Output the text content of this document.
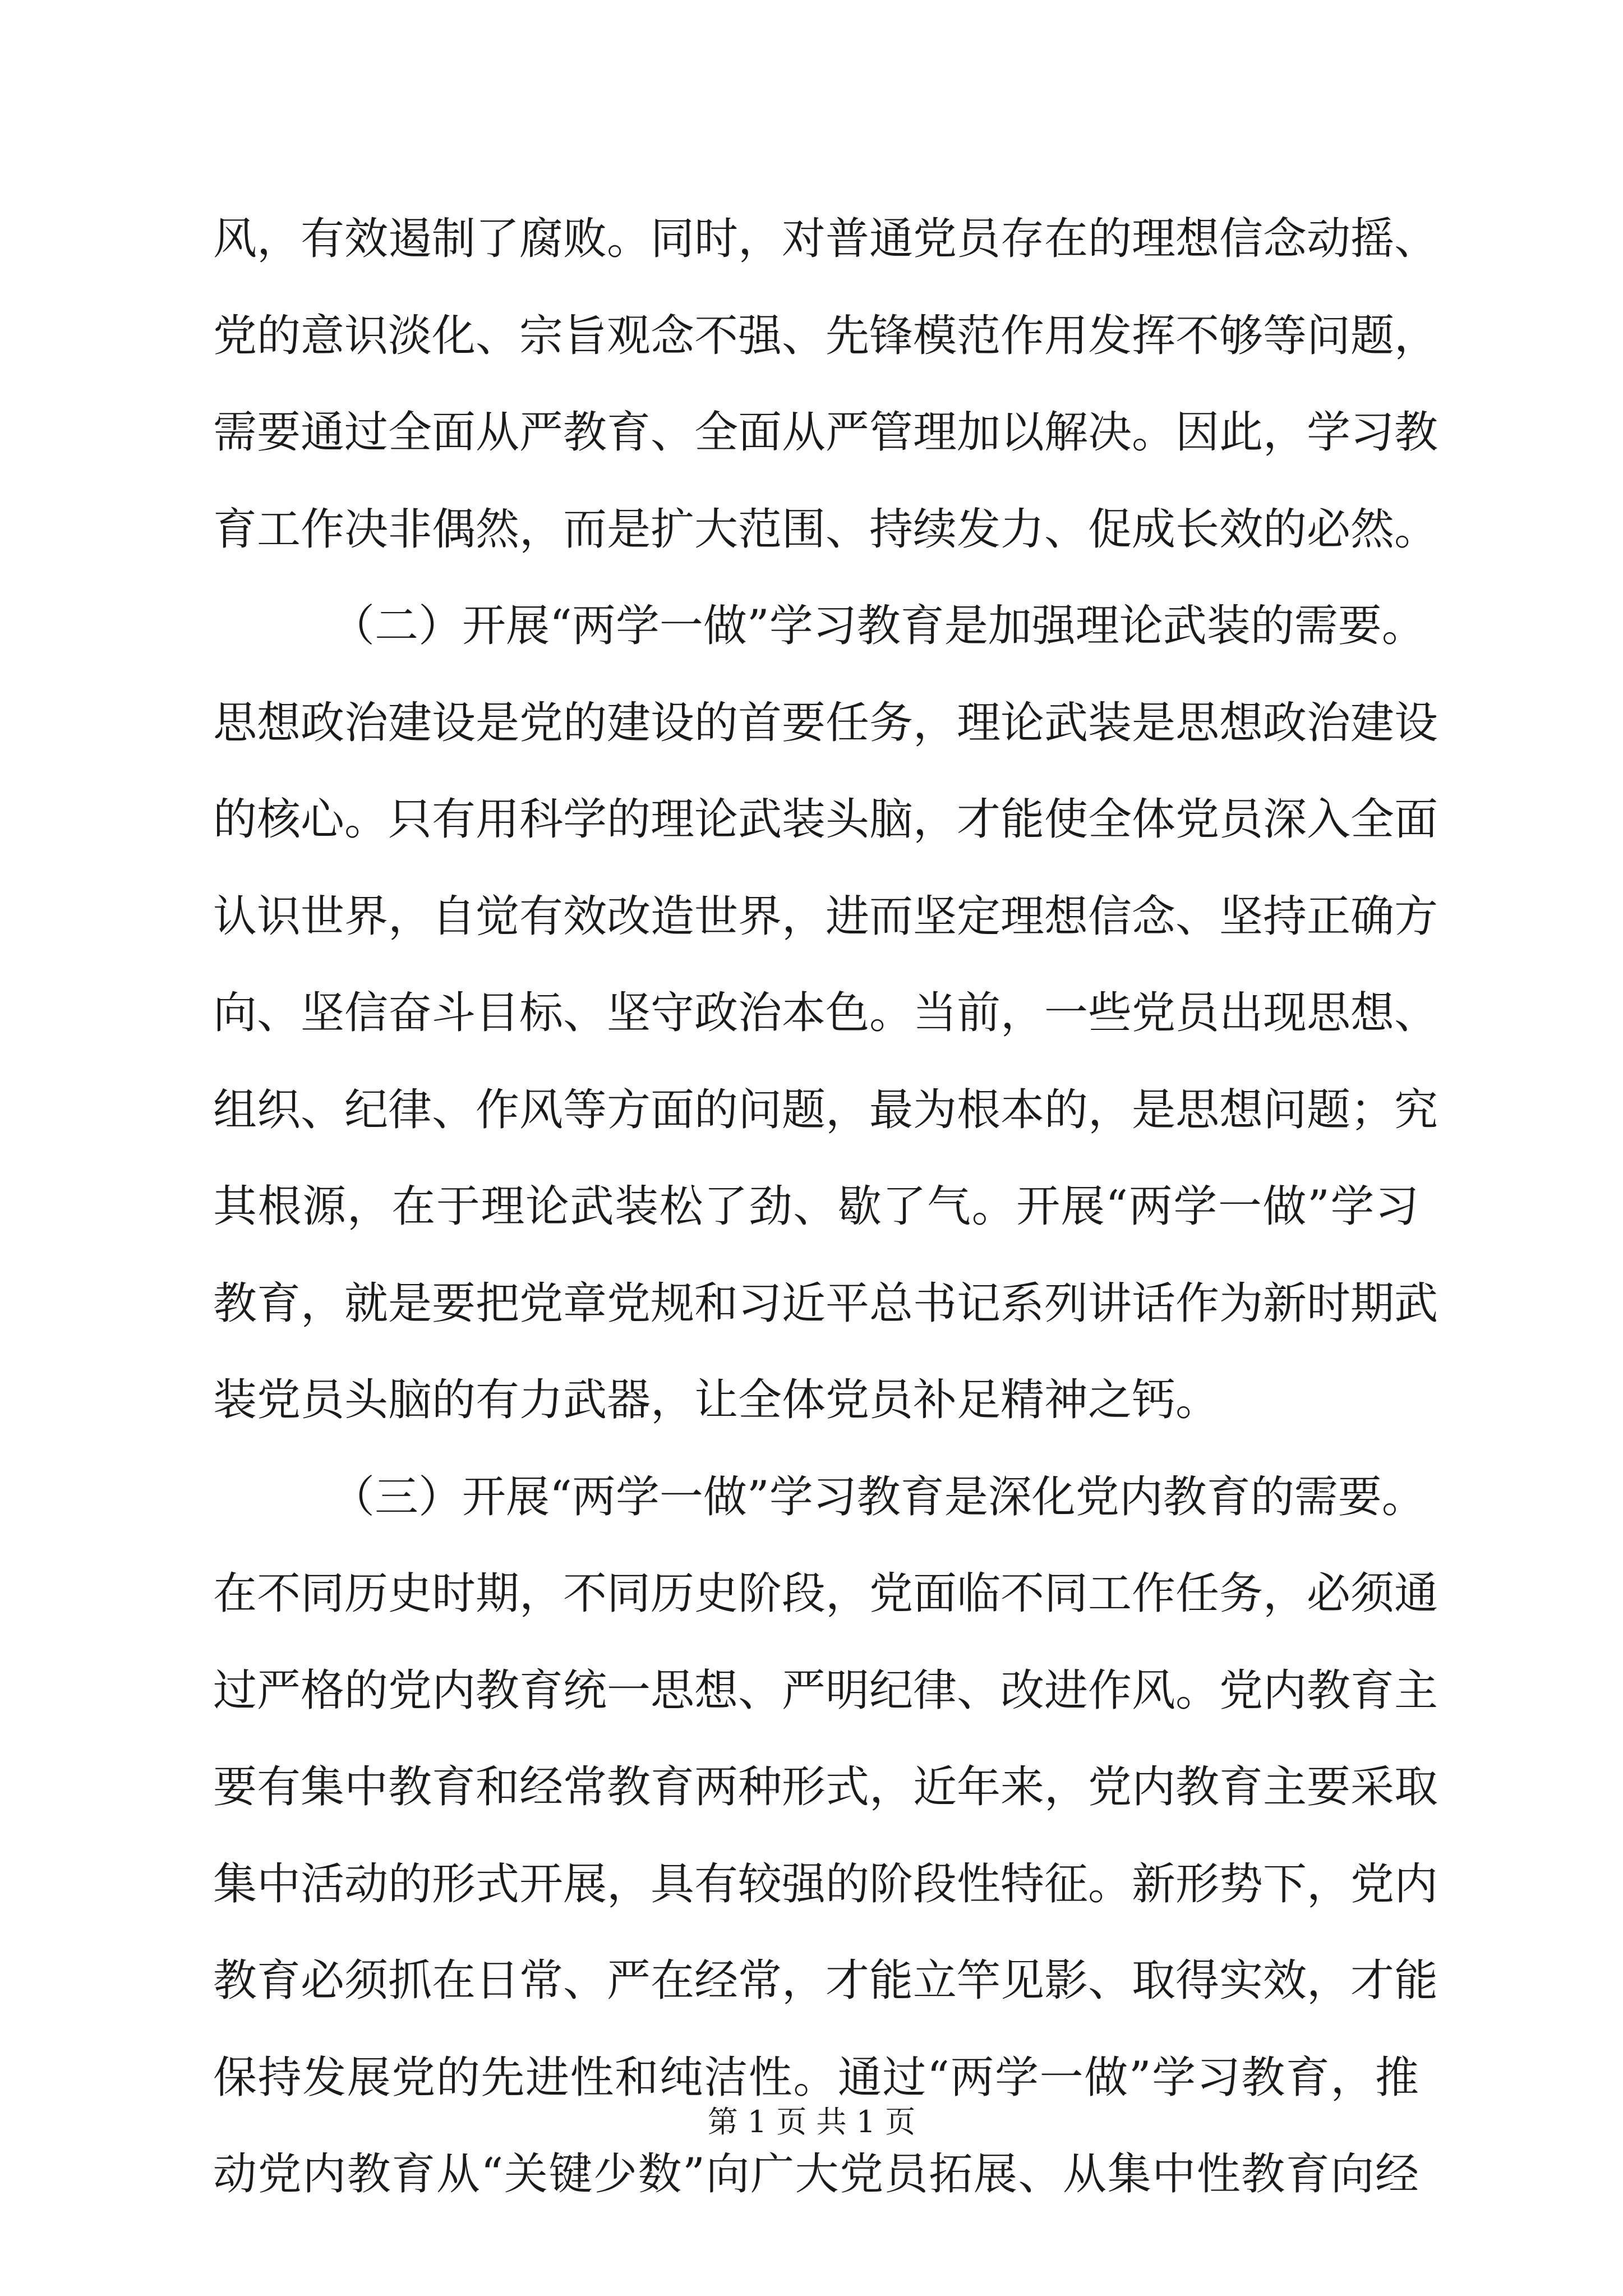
风，有效遏制了腐败。同时，对普通党员存在的理想信念动摇、
党的意识淡化、宗旨观念不强、先锋模范作用发挥不够等问题，
需要通过全面从严教育、全面从严管理加以解决。因此，学习教
育工作决非偶然，而是扩大范围、持续发力、促成长效的必然。
（二）开展“两学一做”学习教育是加强理论武装的需要。
思想政治建设是党的建设的首要任务，理论武装是思想政治建设
的核心。只有用科学的理论武装头脑，才能使全体党员深入全面
认识世界，自觉有效改造世界，进而坚定理想信念、坚持正确方
向、坚信奋斗目标、坚守政治本色。当前，一些党员出现思想、
组织、纪律、作风等方面的问题，最为根本的，是思想问题；究
其根源，在于理论武装松了劲、歇了气。开展“两学一做”学习
教育，就是要把党章党规和习近平总书记系列讲话作为新时期武
装党员头脑的有力武器，让全体党员补足精神之钙。
（三）开展“两学一做”学习教育是深化党内教育的需要。
在不同历史时期，不同历史阶段，党面临不同工作任务，必须通
过严格的党内教育统一思想、严明纪律、改进作风。党内教育主
要有集中教育和经常教育两种形式，近年来，党内教育主要采取
集中活动的形式开展，具有较强的阶段性特征。新形势下，党内
教育必须抓在日常、严在经常，才能立竿见影、取得实效，才能
保持发展党的先进性和纯洁性。通过“两学一做”学习教育，推
动党内教育从“关键少数”向广大党员拓展、从集中性教育向经
第 1 页 共 1 页
